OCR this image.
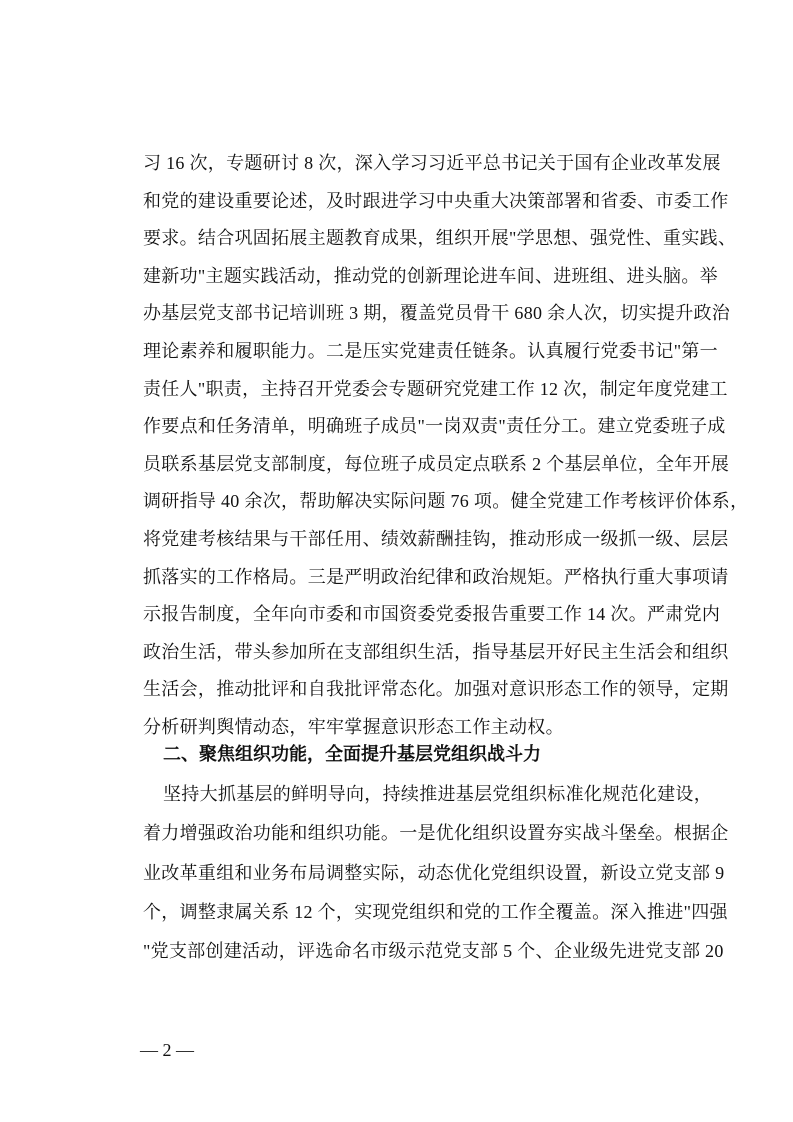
习 16 次，专题研讨 8 次，深入学习习近平总书记关于国有企业改革发展
和党的建设重要论述，及时跟进学习中央重大决策部署和省委、市委工作
要求。结合巩固拓展主题教育成果，组织开展"学思想、强党性、重实践、
建新功"主题实践活动，推动党的创新理论进车间、进班组、进头脑。举
办基层党支部书记培训班 3 期，覆盖党员骨干 680 余人次，切实提升政治
理论素养和履职能力。二是压实党建责任链条。认真履行党委书记"第一
责任人"职责，主持召开党委会专题研究党建工作 12 次，制定年度党建工
作要点和任务清单，明确班子成员"一岗双责"责任分工。建立党委班子成
员联系基层党支部制度，每位班子成员定点联系 2 个基层单位，全年开展
调研指导 40 余次，帮助解决实际问题 76 项。健全党建工作考核评价体系，
将党建考核结果与干部任用、绩效薪酬挂钩，推动形成一级抓一级、层层
抓落实的工作格局。三是严明政治纪律和政治规矩。严格执行重大事项请
示报告制度，全年向市委和市国资委党委报告重要工作 14 次。严肃党内
政治生活，带头参加所在支部组织生活，指导基层开好民主生活会和组织
生活会，推动批评和自我批评常态化。加强对意识形态工作的领导，定期
分析研判舆情动态，牢牢掌握意识形态工作主动权。
二、聚焦组织功能，全面提升基层党组织战斗力
坚持大抓基层的鲜明导向，持续推进基层党组织标准化规范化建设，
着力增强政治功能和组织功能。一是优化组织设置夯实战斗堡垒。根据企
业改革重组和业务布局调整实际，动态优化党组织设置，新设立党支部 9
个，调整隶属关系 12 个，实现党组织和党的工作全覆盖。深入推进"四强
"党支部创建活动，评选命名市级示范党支部 5 个、企业级先进党支部 20
— 2 —
